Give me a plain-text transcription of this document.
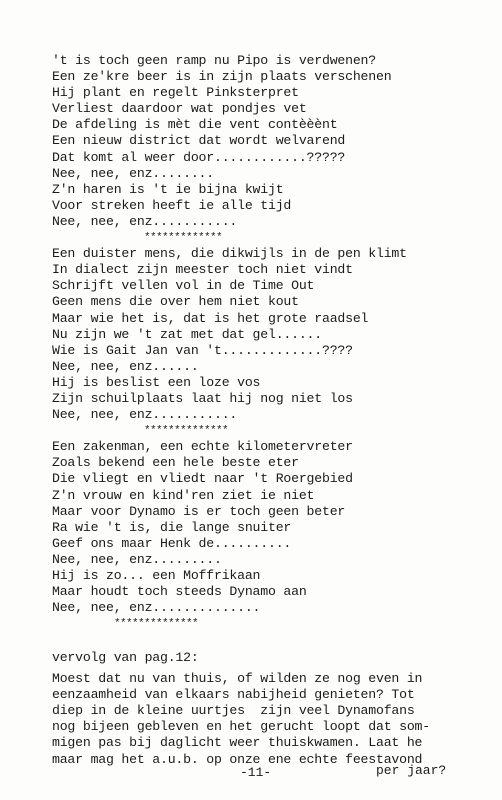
't is toch geen ramp nu Pipo is verdwenen?
Een ze'kre beer is in zijn plaats verschenen
Hij plant en regelt Pinksterpret
Verliest daardoor wat pondjes vet
De afdeling is mèt die vent contèèènt
Een nieuw district dat wordt welvarend
Dat komt al weer door............?????
Nee, nee, enz........
Z'n haren is 't ie bijna kwijt
Voor streken heeft ie alle tijd
Nee, nee, enz...........
*************
Een duister mens, die dikwijls in de pen klimt
In dialect zijn meester toch niet vindt
Schrijft vellen vol in de Time Out
Geen mens die over hem niet kout
Maar wie het is, dat is het grote raadsel
Nu zijn we 't zat met dat gel......
Wie is Gait Jan van 't.............????
Nee, nee, enz......
Hij is beslist een loze vos
Zijn schuilplaats laat hij nog niet los
Nee, nee, enz...........
**************
Een zakenman, een echte kilometervreter
Zoals bekend een hele beste eter
Die vliegt en vliedt naar 't Roergebied
Z'n vrouw en kind'ren ziet ie niet
Maar voor Dynamo is er toch geen beter
Ra wie 't is, die lange snuiter
Geef ons maar Henk de..........
Nee, nee, enz.........
Hij is zo... een Moffrikaan
Maar houdt toch steeds Dynamo aan
Nee, nee, enz..............
**************
vervolg van pag.12:
Moest dat nu van thuis, of wilden ze nog even in
eenzaamheid van elkaars nabijheid genieten? Tot
diep in de kleine uurtjes  zijn veel Dynamofans
nog bijeen gebleven en het gerucht loopt dat som-
migen pas bij daglicht weer thuiskwamen. Laat he
maar mag het a.u.b. op onze ene echte feestavond
-11-	per jaar?
